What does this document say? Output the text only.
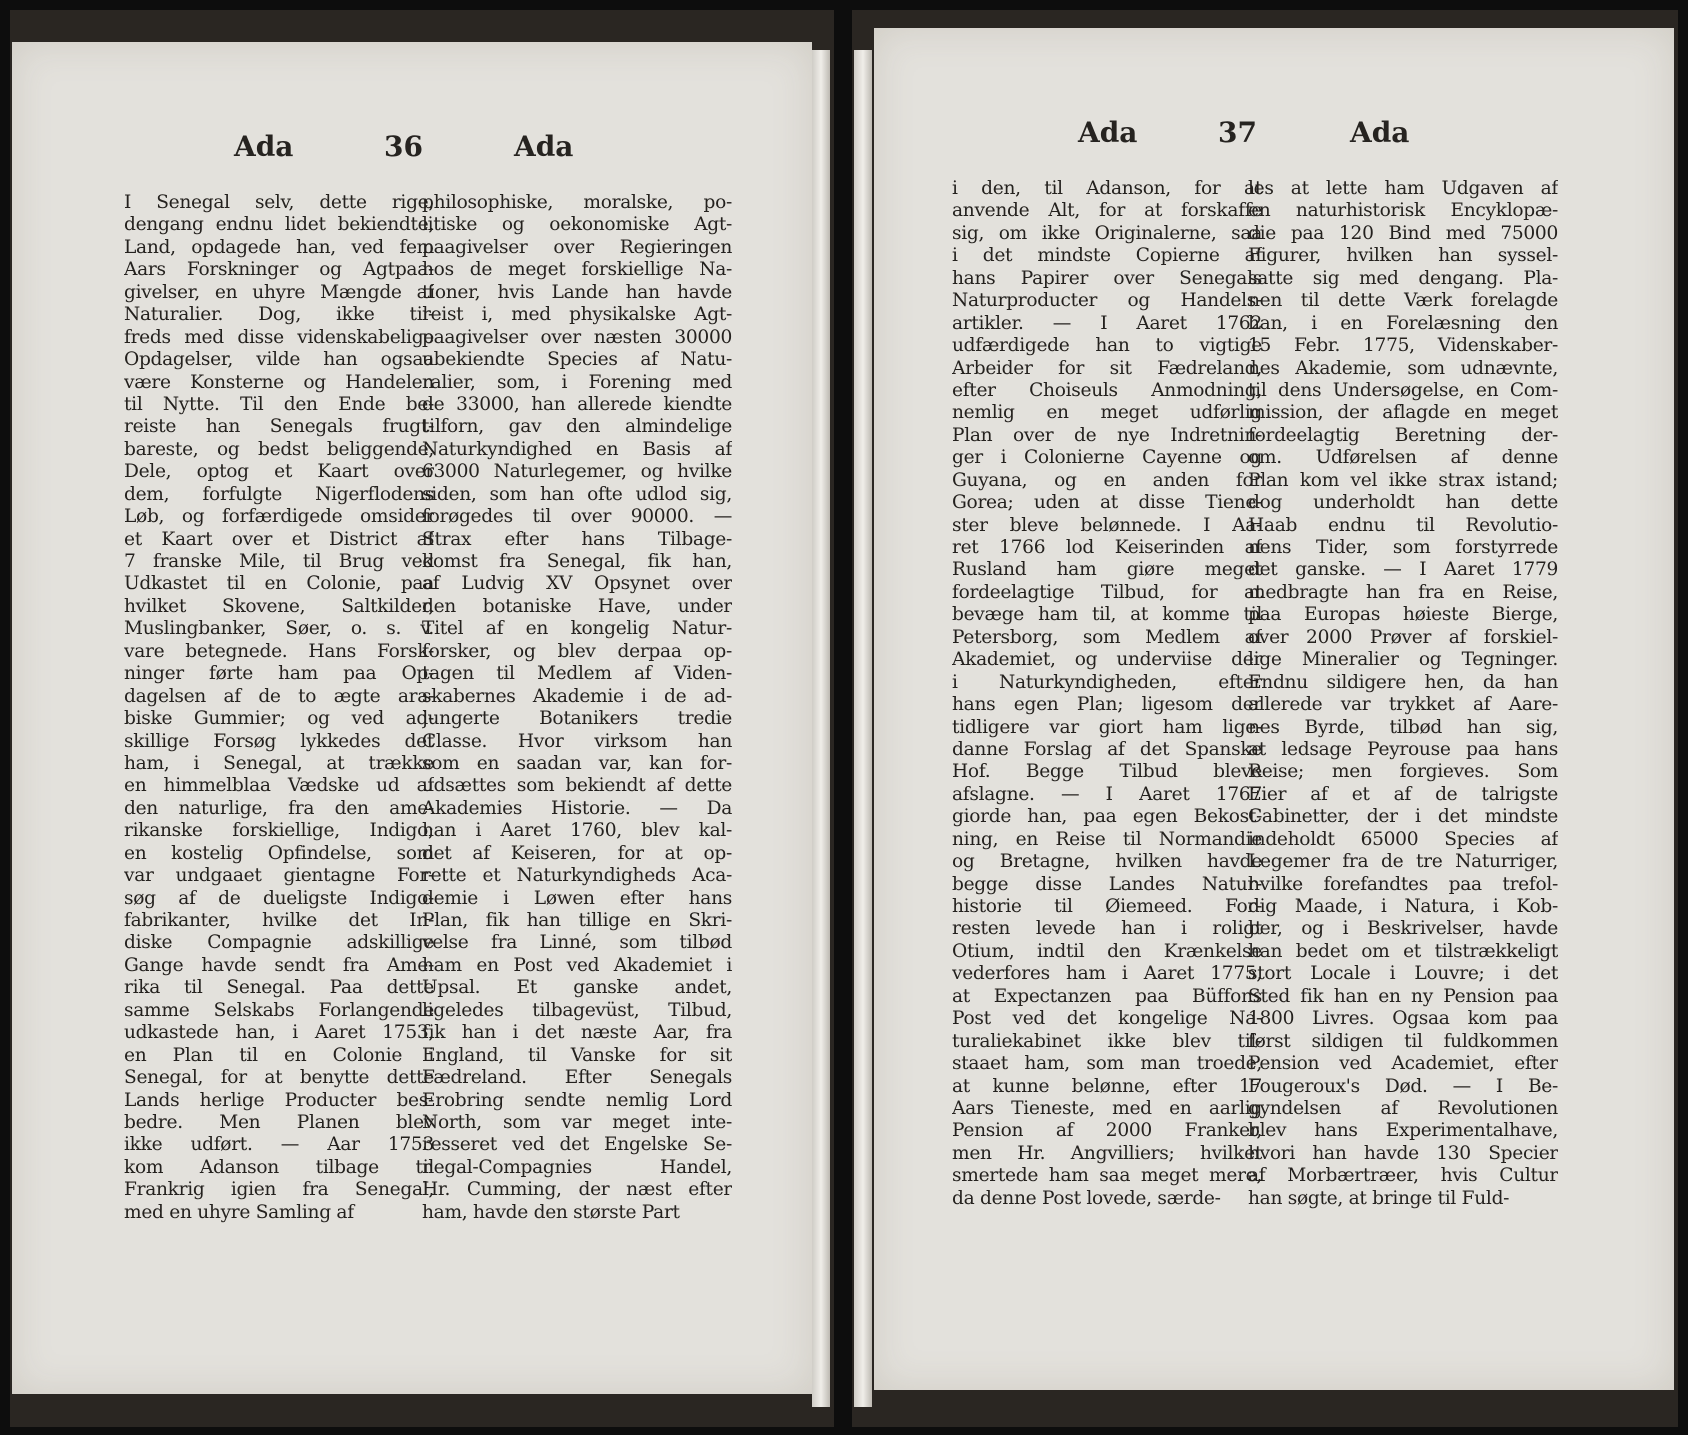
Ada	36	Ada
I Senegal selv, dette rige,
dengang endnu lidet bekiendte,
Land, opdagede han, ved fem
Aars Forskninger og Agtpaa-
givelser, en uhyre Mængde af
Naturalier. Dog, ikke til-
freds med disse videnskabelige
Opdagelser, vilde han ogsaa
være Konsterne og Handelen
til Nytte. Til den Ende be-
reiste han Senegals frugt-
bareste, og bedst beliggende,
Dele, optog et Kaart over
dem, forfulgte Nigerflodens
Løb, og forfærdigede omsider
et Kaart over et District af
7 franske Mile, til Brug ved
Udkastet til en Colonie, paa
hvilket Skovene, Saltkilder,
Muslingbanker, Søer, o. s. v.
vare betegnede. Hans Forsk-
ninger førte ham paa Op-
dagelsen af de to ægte ara-
biske Gummier; og ved ad-
skillige Forsøg lykkedes det
ham, i Senegal, at trække
en himmelblaa Vædske ud af
den naturlige, fra den ame-
rikanske forskiellige, Indigo;
en kostelig Opfindelse, som
var undgaaet gientagne For-
søg af de dueligste Indigo-
fabrikanter, hvilke det In-
diske Compagnie adskillige
Gange havde sendt fra Ame-
rika til Senegal. Paa dette
samme Selskabs Forlangende
udkastede han, i Aaret 1753,
en Plan til en Colonie i
Senegal, for at benytte dette
Lands herlige Producter bes-
bedre. Men Planen blev
ikke udført. — Aar 1753
kom Adanson tilbage til
Frankrig igien fra Senegal,
med en uhyre Samling af
philosophiske, moralske, po-
litiske og oekonomiske Agt-
paagivelser over Regieringen
hos de meget forskiellige Na-
tioner, hvis Lande han havde
reist i, med physikalske Agt-
paagivelser over næsten 30000
ubekiendte Species af Natu-
ralier, som, i Forening med
de 33000, han allerede kiendte
tilforn, gav den almindelige
Naturkyndighed en Basis af
63000 Naturlegemer, og hvilke
siden, som han ofte udlod sig,
forøgedes til over 90000. —
Strax efter hans Tilbage-
komst fra Senegal, fik han,
af Ludvig XV Opsynet over
den botaniske Have, under
Titel af en kongelig Natur-
forsker, og blev derpaa op-
tagen til Medlem af Viden-
skabernes Akademie i de ad-
jungerte Botanikers tredie
Classe. Hvor virksom han
som en saadan var, kan for-
udsættes som bekiendt af dette
Akademies Historie. — Da
han i Aaret 1760, blev kal-
det af Keiseren, for at op-
rette et Naturkyndigheds Aca-
demie i Løwen efter hans
Plan, fik han tillige en Skri-
velse fra Linné, som tilbød
ham en Post ved Akademiet i
Upsal. Et ganske andet,
ligeledes tilbagevüst, Tilbud,
fik han i det næste Aar, fra
England, til Vanske for sit
Fædreland. Efter Senegals
Erobring sendte nemlig Lord
North, som var meget inte-
resseret ved det Engelske Se-
negal-Compagnies Handel,
Hr. Cumming, der næst efter
ham, havde den største Part
Ada	37	Ada
i den, til Adanson, for at
anvende Alt, for at forskaffe
sig, om ikke Originalerne, saa
i det mindste Copierne af
hans Papirer over Senegals
Naturproducter og Handels-
artikler. — I Aaret 1762
udfærdigede han to vigtige
Arbeider for sit Fædreland,
efter Choiseuls Anmodning,
nemlig en meget udførlig
Plan over de nye Indretnin-
ger i Colonierne Cayenne og
Guyana, og en anden for
Gorea; uden at disse Tiene-
ster bleve belønnede. I Aa-
ret 1766 lod Keiserinden af
Rusland ham giøre meget
fordeelagtige Tilbud, for at
bevæge ham til, at komme til
Petersborg, som Medlem af
Akademiet, og underviise der
i Naturkyndigheden, efter
hans egen Plan; ligesom der
tidligere var giort ham lige-
danne Forslag af det Spanske
Hof. Begge Tilbud bleve
afslagne. — I Aaret 1767
giorde han, paa egen Bekost-
ning, en Reise til Normandie
og Bretagne, hvilken havde
begge disse Landes Natur-
historie til Øiemeed. For-
resten levede han i roligt
Otium, indtil den Krænkelse
vederfores ham i Aaret 1775,
at Expectanzen paa Büffons
Post ved det kongelige Na-
turaliekabinet ikke blev til-
staaet ham, som man troede,
at kunne belønne, efter 17
Aars Tieneste, med en aarlig
Pension af 2000 Franker,
men Hr. Angvilliers; hvilket
smertede ham saa meget mere,
da denne Post lovede, særde-
les at lette ham Udgaven af
en naturhistorisk Encyklopæ-
die paa 120 Bind med 75000
Figurer, hvilken han syssel-
satte sig med dengang. Pla-
nen til dette Værk forelagde
han, i en Forelæsning den
15 Febr. 1775, Videnskaber-
nes Akademie, som udnævnte,
til dens Undersøgelse, en Com-
mission, der aflagde en meget
fordeelagtig Beretning der-
om. Udførelsen af denne
Plan kom vel ikke strax istand;
dog underholdt han dette
Haab endnu til Revolutio-
nens Tider, som forstyrrede
det ganske. — I Aaret 1779
medbragte han fra en Reise,
paa Europas høieste Bierge,
over 2000 Prøver af forskiel-
lige Mineralier og Tegninger.
Endnu sildigere hen, da han
allerede var trykket af Aare-
nes Byrde, tilbød han sig,
at ledsage Peyrouse paa hans
Reise; men forgieves. Som
Eier af et af de talrigste
Cabinetter, der i det mindste
indeholdt 65000 Species af
Legemer fra de tre Naturriger,
hvilke forefandtes paa trefol-
dig Maade, i Natura, i Kob-
ber, og i Beskrivelser, havde
han bedet om et tilstrækkeligt
stort Locale i Louvre; i det
Sted fik han en ny Pension paa
1800 Livres. Ogsaa kom paa
først sildigen til fuldkommen
Pension ved Academiet, efter
Fougeroux's Død. — I Be-
gyndelsen af Revolutionen
blev hans Experimentalhave,
hvori han havde 130 Specier
af Morbærtræer, hvis Cultur
han søgte, at bringe til Fuld-
